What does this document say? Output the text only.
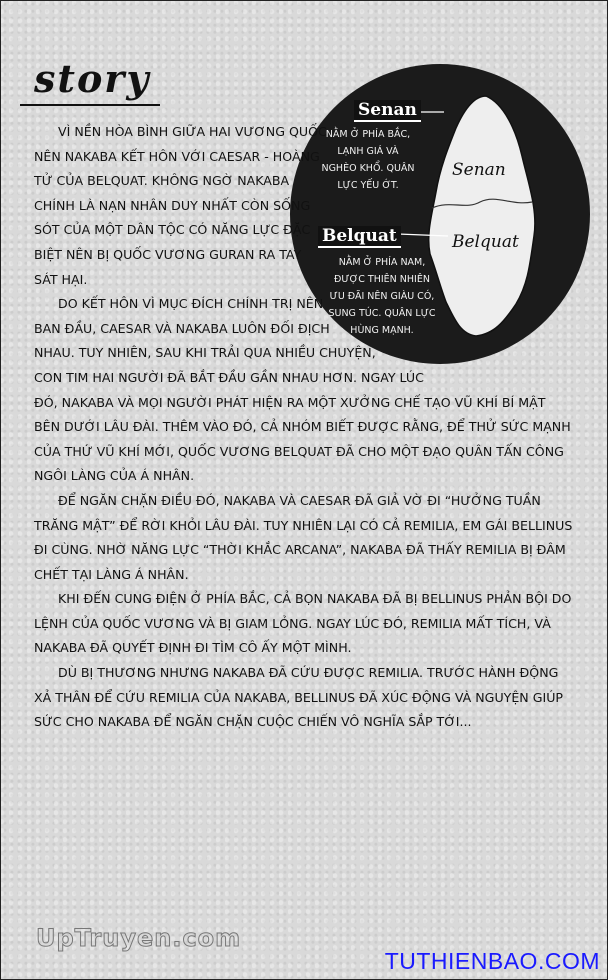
story
Senan
NẰM Ở PHÍA BẮC,
LẠNH GIÁ VÀ
NGHÈO KHỔ. QUÂN
LỰC YẾU ỚT.
Belquat
NẰM Ở PHÍA NAM,
ĐƯỢC THIÊN NHIÊN
ƯU ĐÃI NÊN GIÀU CÓ,
SUNG TÚC. QUÂN LỰC
HÙNG MẠNH.
Senan
Belquat

VÌ NỀN HÒA BÌNH GIỮA HAI VƯƠNG QUỐC NÊN NAKABA KẾT HÔN VỚI CAESAR - HOÀNG TỬ CỦA BELQUAT. KHÔNG NGỜ NAKABA CHÍNH LÀ NẠN NHÂN DUY NHẤT CÒN SỐNG SÓT CỦA MỘT DÂN TỘC CÓ NĂNG LỰC ĐẶC BIỆT NÊN BỊ QUỐC VƯƠNG GURAN RA TAY SÁT HẠI.

DO KẾT HÔN VÌ MỤC ĐÍCH CHÍNH TRỊ NÊN BAN ĐẦU, CAESAR VÀ NAKABA LUÔN ĐỐI ĐỊCH NHAU. TUY NHIÊN, SAU KHI TRẢI QUA NHIỀU CHUYỆN, CON TIM HAI NGƯỜI ĐÃ BẮT ĐẦU GẦN NHAU HƠN. NGAY LÚC ĐÓ, NAKABA VÀ MỌI NGƯỜI PHÁT HIỆN RA MỘT XƯỞNG CHẾ TẠO VŨ KHÍ BÍ MẬT BÊN DƯỚI LÂU ĐÀI. THÊM VÀO ĐÓ, CẢ NHÓM BIẾT ĐƯỢC RẰNG, ĐỂ THỬ SỨC MẠNH CỦA THỨ VŨ KHÍ MỚI, QUỐC VƯƠNG BELQUAT ĐÃ CHO MỘT ĐẠO QUÂN TẤN CÔNG NGÔI LÀNG CỦA Á NHÂN.

ĐỂ NGĂN CHẶN ĐIỀU ĐÓ, NAKABA VÀ CAESAR ĐÃ GIẢ VỜ ĐI “HƯỞNG TUẦN TRĂNG MẬT” ĐỂ RỜI KHỎI LÂU ĐÀI. TUY NHIÊN LẠI CÓ CẢ REMILIA, EM GÁI BELLINUS ĐI CÙNG. NHỜ NĂNG LỰC “THỜI KHẮC ARCANA”, NAKABA ĐÃ THẤY REMILIA BỊ ĐÂM CHẾT TẠI LÀNG Á NHÂN.

KHI ĐẾN CUNG ĐIỆN Ở PHÍA BẮC, CẢ BỌN NAKABA ĐÃ BỊ BELLINUS PHẢN BỘI DO LỆNH CỦA QUỐC VƯƠNG VÀ BỊ GIAM LỎNG. NGAY LÚC ĐÓ, REMILIA MẤT TÍCH, VÀ NAKABA ĐÃ QUYẾT ĐỊNH ĐI TÌM CÔ ẤY MỘT MÌNH.

DÙ BỊ THƯƠNG NHƯNG NAKABA ĐÃ CỨU ĐƯỢC REMILIA. TRƯỚC HÀNH ĐỘNG XẢ THÂN ĐỂ CỨU REMILIA CỦA NAKABA, BELLINUS ĐÃ XÚC ĐỘNG VÀ NGUYỆN GIÚP SỨC CHO NAKABA ĐỂ NGĂN CHẶN CUỘC CHIẾN VÔ NGHĨA SẮP TỚI...

UpTruyen.com
TUTHIENBAO.COM
